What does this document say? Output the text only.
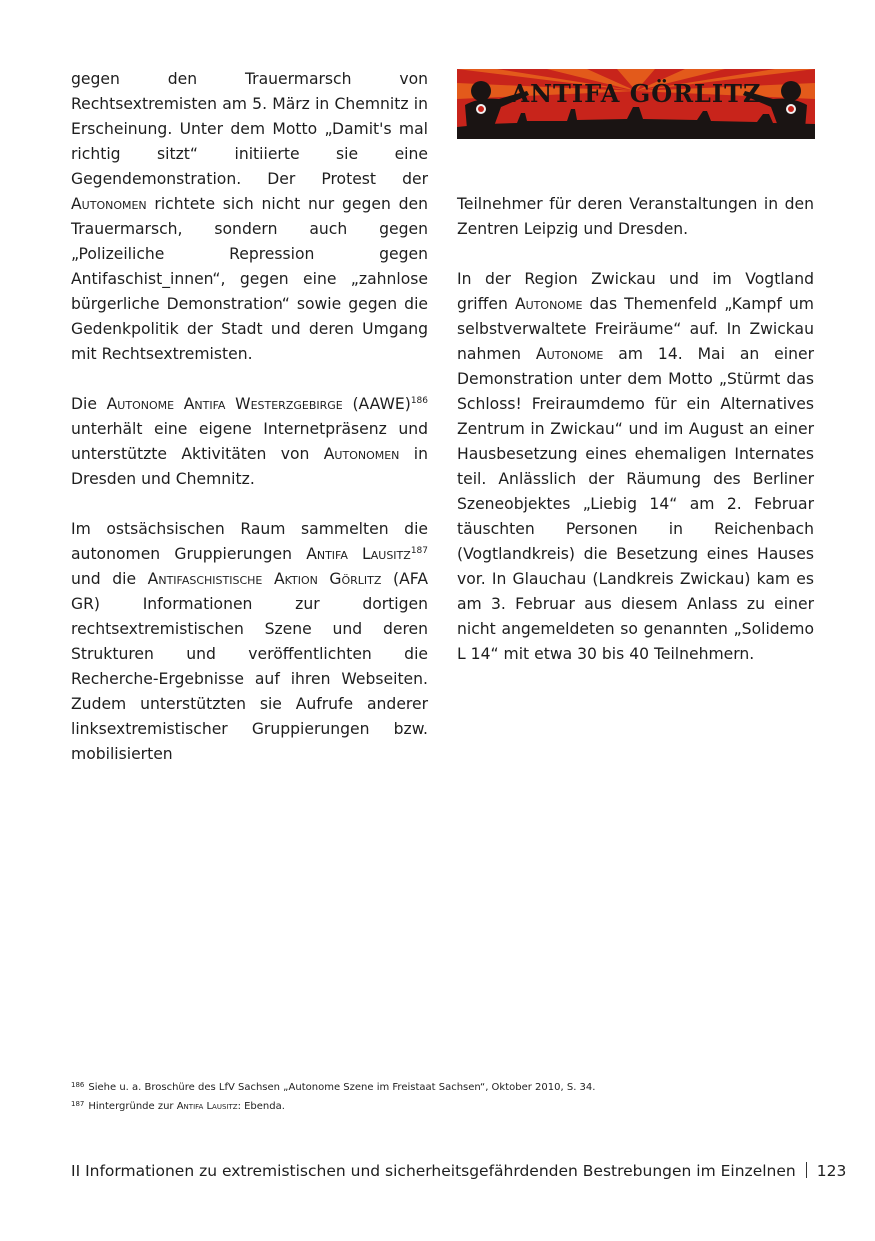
gegen den Trauermarsch von Rechtsextremisten am 5. März in Chemnitz in Erscheinung. Unter dem Motto „Damit's mal richtig sitzt“ initiierte sie eine Gegendemonstration. Der Protest der Autonomen richtete sich nicht nur gegen den Trauermarsch, sondern auch gegen „Polizeiliche Repression gegen Antifaschist_innen“, gegen eine „zahnlose bürgerliche Demonstration“ sowie gegen die Gedenkpolitik der Stadt und deren Umgang mit Rechtsextremisten.

Die Autonome Antifa Westerzgebirge (AAWE)$^{186}$ unterhält eine eigene Internetpräsenz und unterstützte Aktivitäten von Autonomen in Dresden und Chemnitz.

Im ostsächsischen Raum sammelten die autonomen Gruppierungen Antifa Lausitz$^{187}$ und die Antifaschistische Aktion Görlitz (AFA GR) Informationen zur dortigen rechtsextremistischen Szene und deren Strukturen und veröffentlichten die Recherche-Ergebnisse auf ihren Webseiten. Zudem unterstützten sie Aufrufe anderer linksextremistischer Gruppierungen bzw. mobilisierten

ANTIFA GÖRLITZ

Teilnehmer für deren Veranstaltungen in den Zentren Leipzig und Dresden.

In der Region Zwickau und im Vogtland griffen Autonome das Themenfeld „Kampf um selbstverwaltete Freiräume“ auf. In Zwickau nahmen Autonome am 14. Mai an einer Demonstration unter dem Motto „Stürmt das Schloss! Freiraumdemo für ein Alternatives Zentrum in Zwickau“ und im August an einer Hausbesetzung eines ehemaligen Internates teil. Anlässlich der Räumung des Berliner Szeneobjektes „Liebig 14“ am 2. Februar täuschten Personen in Reichenbach (Vogtlandkreis) die Besetzung eines Hauses vor. In Glauchau (Landkreis Zwickau) kam es am 3. Februar aus diesem Anlass zu einer nicht angemeldeten so genannten „Solidemo L 14“ mit etwa 30 bis 40 Teilnehmern.

$^{186}$ Siehe u. a. Broschüre des LfV Sachsen „Autonome Szene im Freistaat Sachsen“, Oktober 2010, S. 34.

$^{187}$ Hintergründe zur Antifa Lausitz: Ebenda.

II Informationen zu extremistischen und sicherheitsgefährdenden Bestrebungen im Einzelnen 123
